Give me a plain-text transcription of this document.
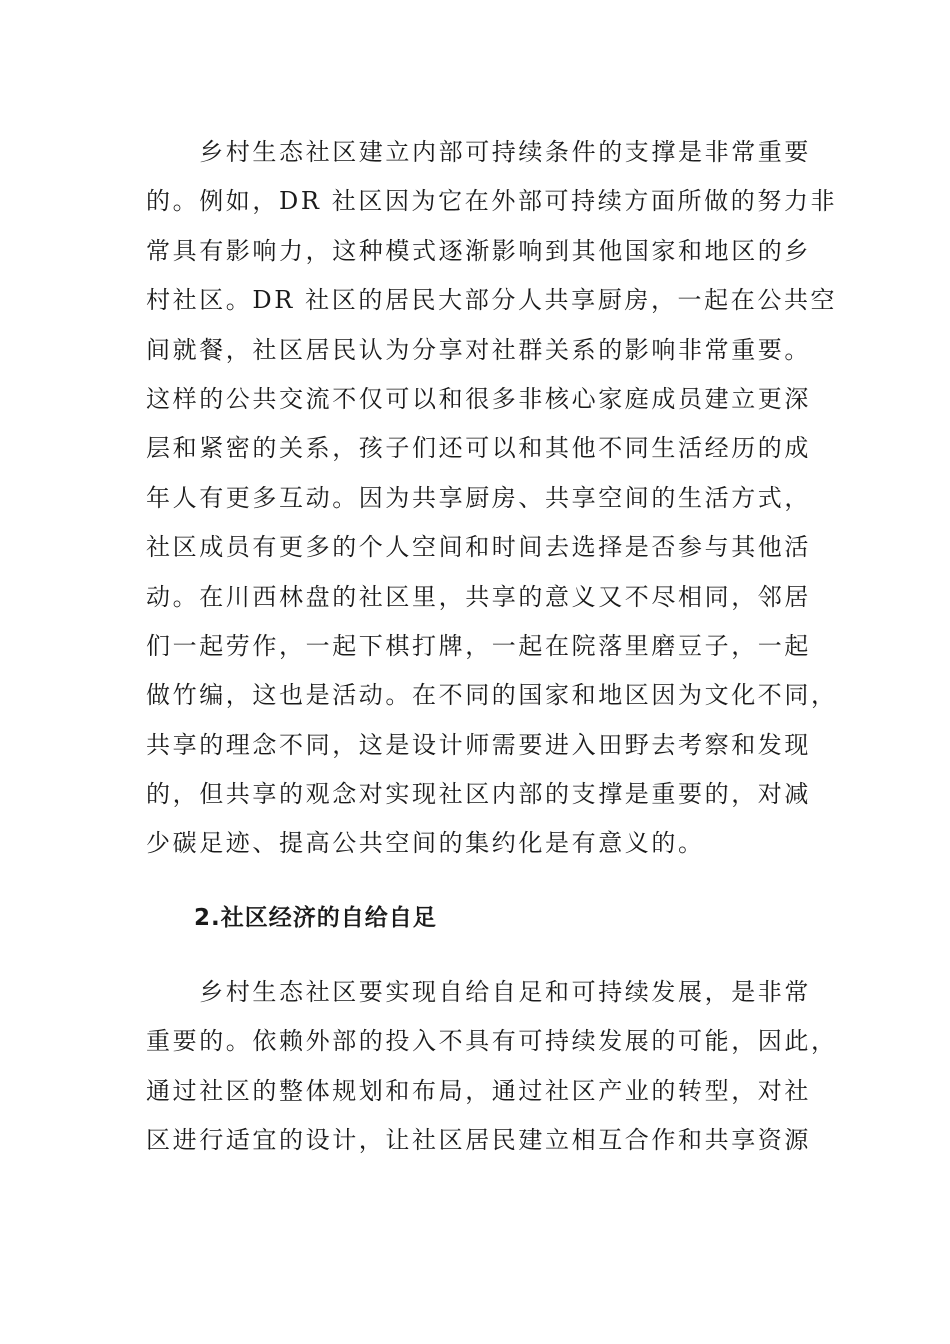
　　乡村生态社区建立内部可持续条件的支撑是非常重要
的。例如，DR 社区因为它在外部可持续方面所做的努力非
常具有影响力，这种模式逐渐影响到其他国家和地区的乡
村社区。DR 社区的居民大部分人共享厨房，一起在公共空
间就餐，社区居民认为分享对社群关系的影响非常重要。
这样的公共交流不仅可以和很多非核心家庭成员建立更深
层和紧密的关系，孩子们还可以和其他不同生活经历的成
年人有更多互动。因为共享厨房、共享空间的生活方式，
社区成员有更多的个人空间和时间去选择是否参与其他活
动。在川西林盘的社区里，共享的意义又不尽相同，邻居
们一起劳作，一起下棋打牌，一起在院落里磨豆子，一起
做竹编，这也是活动。在不同的国家和地区因为文化不同，
共享的理念不同，这是设计师需要进入田野去考察和发现
的，但共享的观念对实现社区内部的支撑是重要的，对减
少碳足迹、提高公共空间的集约化是有意义的。
2.社区经济的自给自足
　　乡村生态社区要实现自给自足和可持续发展，是非常
重要的。依赖外部的投入不具有可持续发展的可能，因此，
通过社区的整体规划和布局，通过社区产业的转型，对社
区进行适宜的设计，让社区居民建立相互合作和共享资源
